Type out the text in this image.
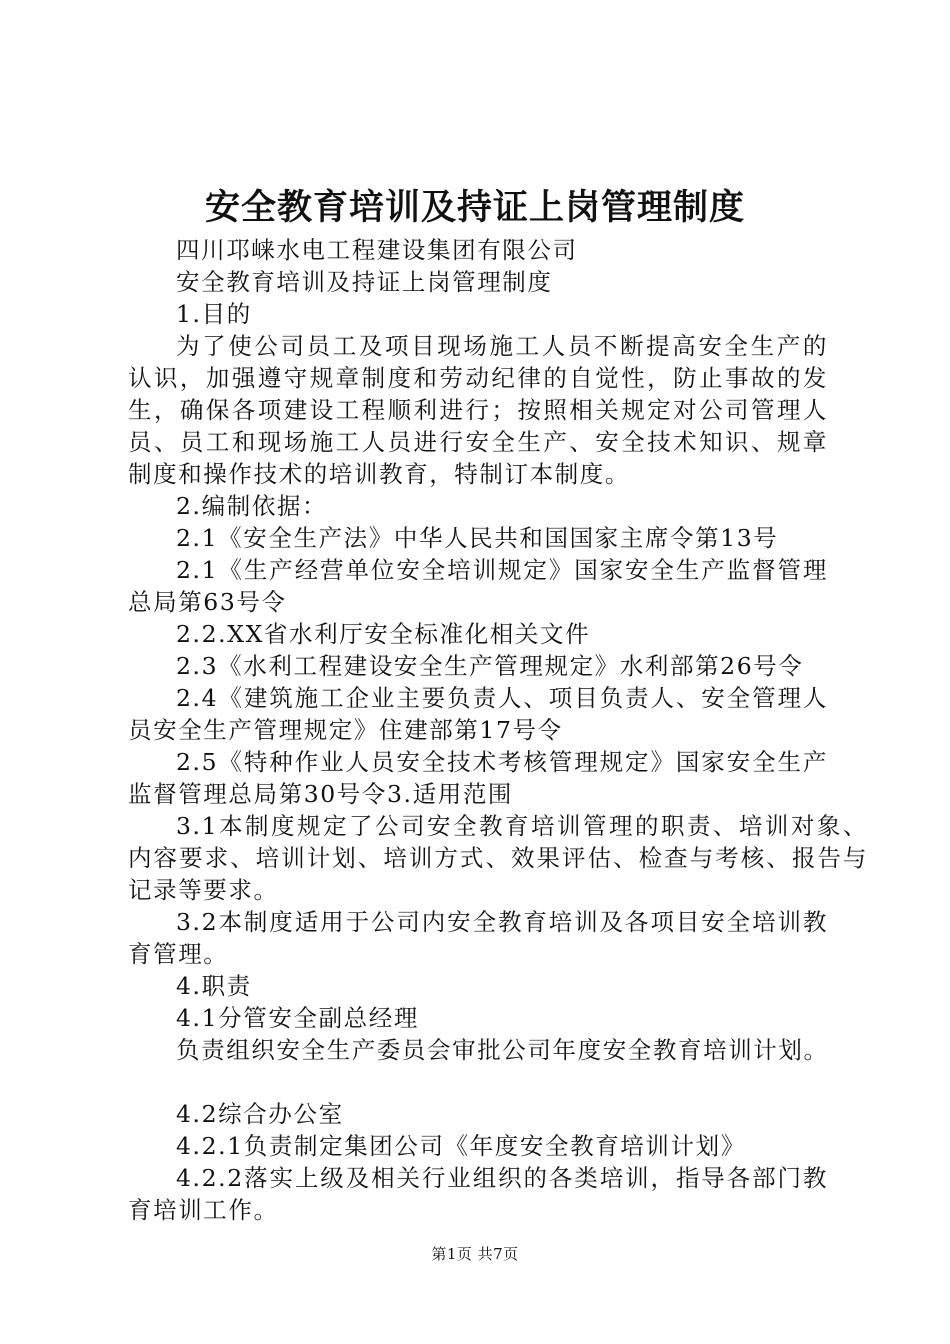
安全教育培训及持证上岗管理制度

四川邛崃水电工程建设集团有限公司

安全教育培训及持证上岗管理制度

1.目的

为了使公司员工及项目现场施工人员不断提高安全生产的认识，加强遵守规章制度和劳动纪律的自觉性，防止事故的发生，确保各项建设工程顺利进行；按照相关规定对公司管理人员、员工和现场施工人员进行安全生产、安全技术知识、规章制度和操作技术的培训教育，特制订本制度。

2.编制依据：

2.1《安全生产法》中华人民共和国国家主席令第13号

2.1《生产经营单位安全培训规定》国家安全生产监督管理总局第63号令

2.2.XX省水利厅安全标准化相关文件

2.3《水利工程建设安全生产管理规定》水利部第26号令

2.4《建筑施工企业主要负责人、项目负责人、安全管理人员安全生产管理规定》住建部第17号令

2.5《特种作业人员安全技术考核管理规定》国家安全生产监督管理总局第30号令3.适用范围

3.1本制度规定了公司安全教育培训管理的职责、培训对象、内容要求、培训计划、培训方式、效果评估、检查与考核、报告与记录等要求。

3.2本制度适用于公司内安全教育培训及各项目安全培训教育管理。

4.职责

4.1分管安全副总经理

负责组织安全生产委员会审批公司年度安全教育培训计划。

4.2综合办公室

4.2.1负责制定集团公司《年度安全教育培训计划》

4.2.2落实上级及相关行业组织的各类培训，指导各部门教育培训工作。

第1页 共7页
